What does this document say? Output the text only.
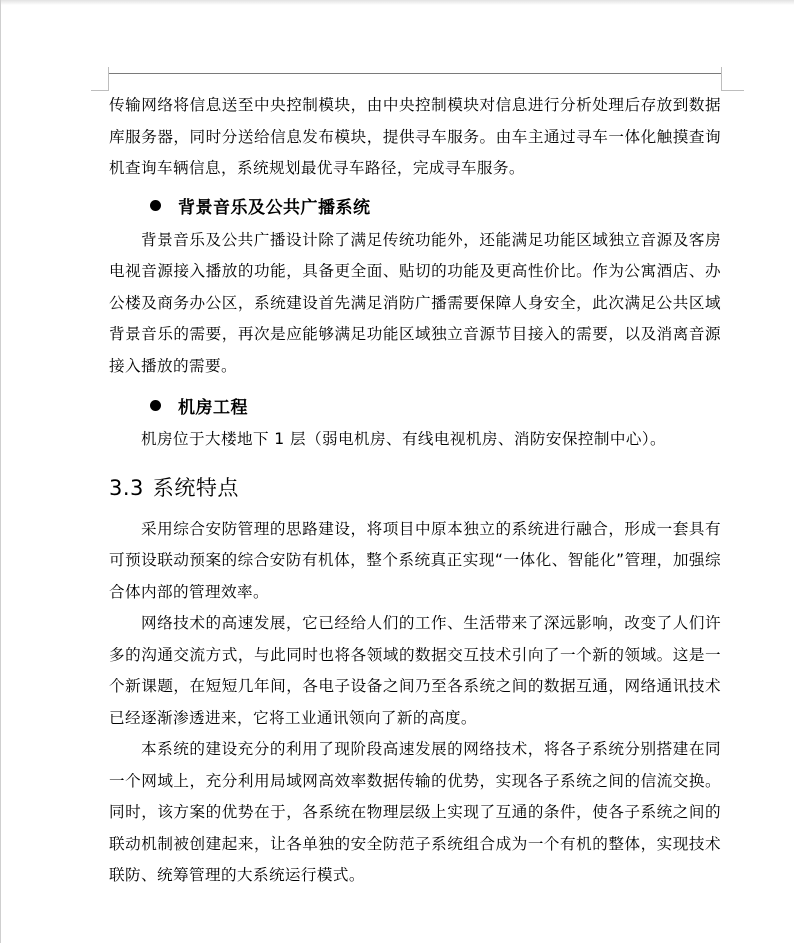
传输网络将信息送至中央控制模块，由中央控制模块对信息进行分析处理后存放到数据库服务器，同时分送给信息发布模块，提供寻车服务。由车主通过寻车一体化触摸查询机查询车辆信息，系统规划最优寻车路径，完成寻车服务。

背景音乐及公共广播系统

背景音乐及公共广播设计除了满足传统功能外，还能满足功能区域独立音源及客房电视音源接入播放的功能，具备更全面、贴切的功能及更高性价比。作为公寓酒店、办公楼及商务办公区，系统建设首先满足消防广播需要保障人身安全，此次满足公共区域背景音乐的需要，再次是应能够满足功能区域独立音源节目接入的需要，以及消离音源接入播放的需要。

机房工程

机房位于大楼地下 1 层（弱电机房、有线电视机房、消防安保控制中心）。

3.3 系统特点

采用综合安防管理的思路建设，将项目中原本独立的系统进行融合，形成一套具有可预设联动预案的综合安防有机体，整个系统真正实现“一体化、智能化”管理，加强综合体内部的管理效率。

网络技术的高速发展，它已经给人们的工作、生活带来了深远影响，改变了人们许多的沟通交流方式，与此同时也将各领域的数据交互技术引向了一个新的领域。这是一个新课题，在短短几年间，各电子设备之间乃至各系统之间的数据互通，网络通讯技术已经逐渐渗透进来，它将工业通讯领向了新的高度。

本系统的建设充分的利用了现阶段高速发展的网络技术，将各子系统分别搭建在同一个网域上，充分利用局域网高效率数据传输的优势，实现各子系统之间的信流交换。同时，该方案的优势在于，各系统在物理层级上实现了互通的条件，使各子系统之间的联动机制被创建起来，让各单独的安全防范子系统组合成为一个有机的整体，实现技术联防、统筹管理的大系统运行模式。
